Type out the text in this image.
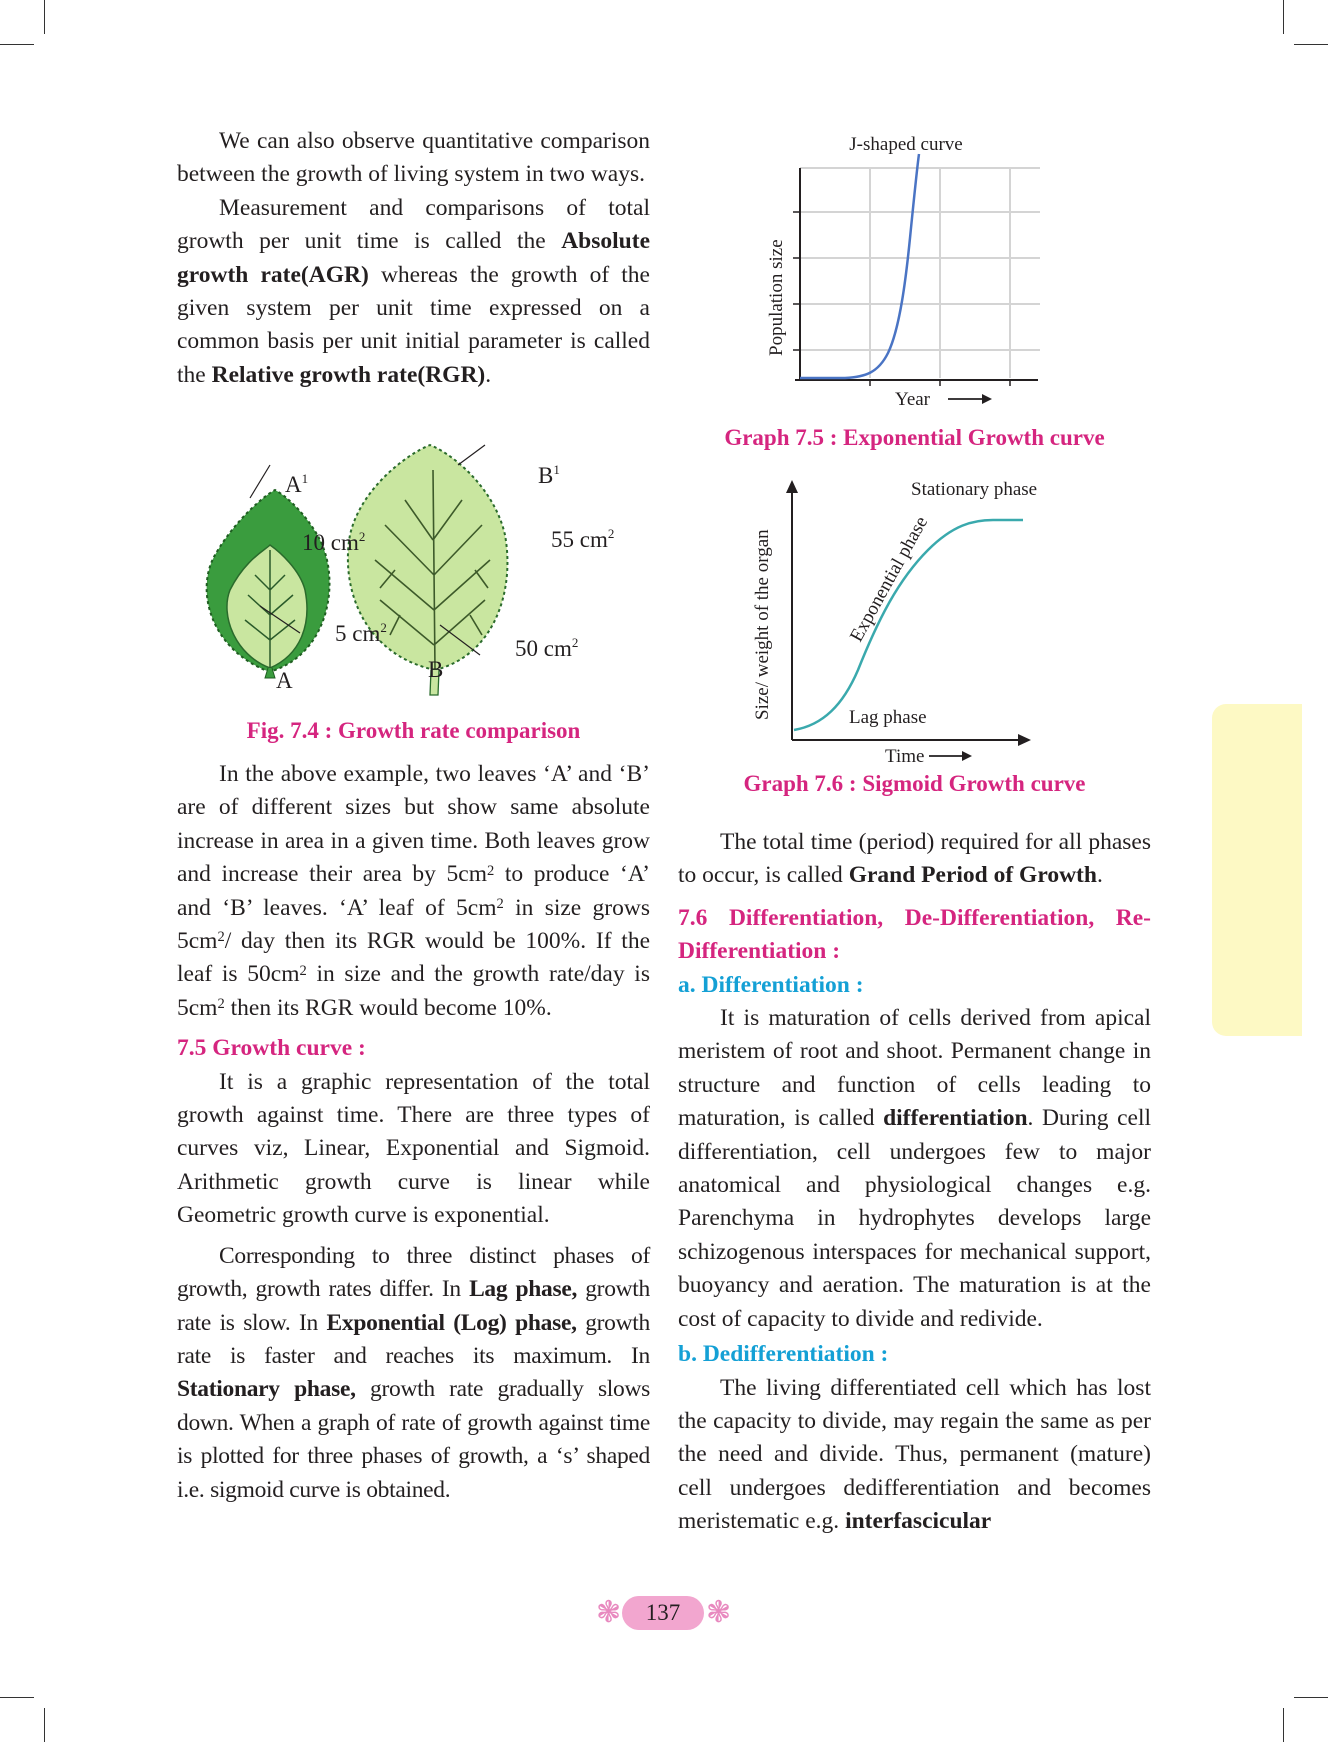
We can also observe quantitative comparison between the growth of living system in two ways.

Measurement and comparisons of total growth per unit time is called the Absolute growth rate(AGR) whereas the growth of the given system per unit time expressed on a common basis per unit initial parameter is called the Relative growth rate(RGR).

$A^1$	$B^1$
10 $cm^2$	55 $cm^2$
5 $cm^2$
50 $cm^2$
A	B
Fig. 7.4 : Growth rate comparison

In the above example, two leaves ‘A’ and ‘B’ are of different sizes but show same absolute increase in area in a given time. Both leaves grow and increase their area by $5cm^2$ to produce ‘A’ and ‘B’ leaves. ‘A’ leaf of $5cm^2$ in size grows $5cm^2/$ day then its RGR would be 100%. If the leaf is $50cm^2$ in size and the growth rate/day is $5cm^2$ then its RGR would become 10%.

7.5 Growth curve :

It is a graphic representation of the total growth against time. There are three types of curves viz, Linear, Exponential and Sigmoid. Arithmetic growth curve is linear while Geometric growth curve is exponential.

Corresponding to three distinct phases of growth, growth rates differ. In Lag phase, growth rate is slow. In Exponential (Log) phase, growth rate is faster and reaches its maximum. In Stationary phase, growth rate gradually slows down. When a graph of rate of growth against time is plotted for three phases of growth, a ‘s’ shaped i.e. sigmoid curve is obtained.

J-shaped curve
Population size
Year
Graph 7.5 : Exponential Growth curve
Stationary phase
Exponential phase
Lag phase
Size/ weight of the organ
Time
Graph 7.6 : Sigmoid Growth curve

The total time (period) required for all phases to occur, is called Grand Period of Growth.

7.6 Differentiation, De-Differentiation, Re-Differentiation :

a. Differentiation :

It is maturation of cells derived from apical meristem of root and shoot. Permanent change in structure and function of cells leading to maturation, is called differentiation. During cell differentiation, cell undergoes few to major anatomical and physiological changes e.g. Parenchyma in hydrophytes develops large schizogenous interspaces for mechanical support, buoyancy and aeration. The maturation is at the cost of capacity to divide and redivide.

b. Dedifferentiation :

The living differentiated cell which has lost the capacity to divide, may regain the same as per the need and divide. Thus, permanent (mature) cell undergoes dedifferentiation and becomes meristematic e.g. interfascicular

❃	137 ❃
